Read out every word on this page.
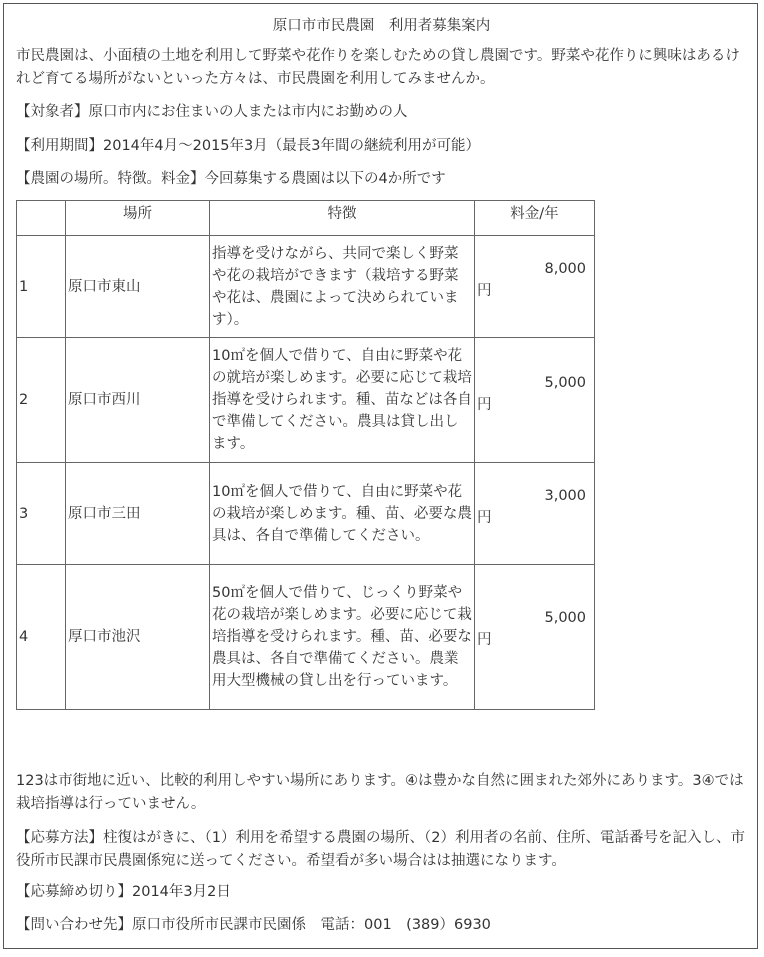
原口市市民農園　利用者募集案内

市民農園は、小面積の土地を利用して野菜や花作りを楽しむための貸し農園です。野菜や花作りに興味はあるけれど育てる場所がないといった方々は、市民農園を利用してみませんか。

【対象者】原口市内にお住まいの人または市内にお勤めの人
【利用期間】2014年4月～2015年3月（最長3年間の継続利用が可能）
【農園の場所。特徴。料金】今回募集する農園は以下の4か所です
	場所	特徴	料金/年
1	原口市東山	指導を受けながら、共同で楽しく野菜や花の栽培ができます（栽培する野菜や花は、農園によって決められています）。	8,000
円

2	原口市西川	10㎡を個人で借りて、自由に野菜や花の就培が楽しめます。必要に応じて栽培指導を受けられます。種、苗などは各自で準備してください。農具は貸し出します。	5,000
円

3	原口市三田	10㎡を個人で借りて、自由に野菜や花の栽培が楽しめます。種、苗、必要な農具は、各自で準備してください。	3,000
円

4	厚口市池沢	50㎡を個人で借りて、じっくり野菜や花の栽培が楽しめます。必要に応じて栽培指導を受けられます。種、苗、必要な農具は、各自で準備てください。農業用大型機械の貸し出を行っています。	5,000
円

123は市街地に近い、比較的利用しやすい場所にあります。④は豊かな自然に囲まれた郊外にあります。3④では栽培指導は行っていません。

【応募方法】柱復はがきに、（1）利用を希望する農園の場所、（2）利用者の名前、住所、電話番号を記入し、市役所市民課市民農園係宛に送ってください。希望看が多い場合はは抽選になります。

【応募締め切り】2014年3月2日
【問い合わせ先】原口市役所市民課市民園係　電話：001　(389）6930
